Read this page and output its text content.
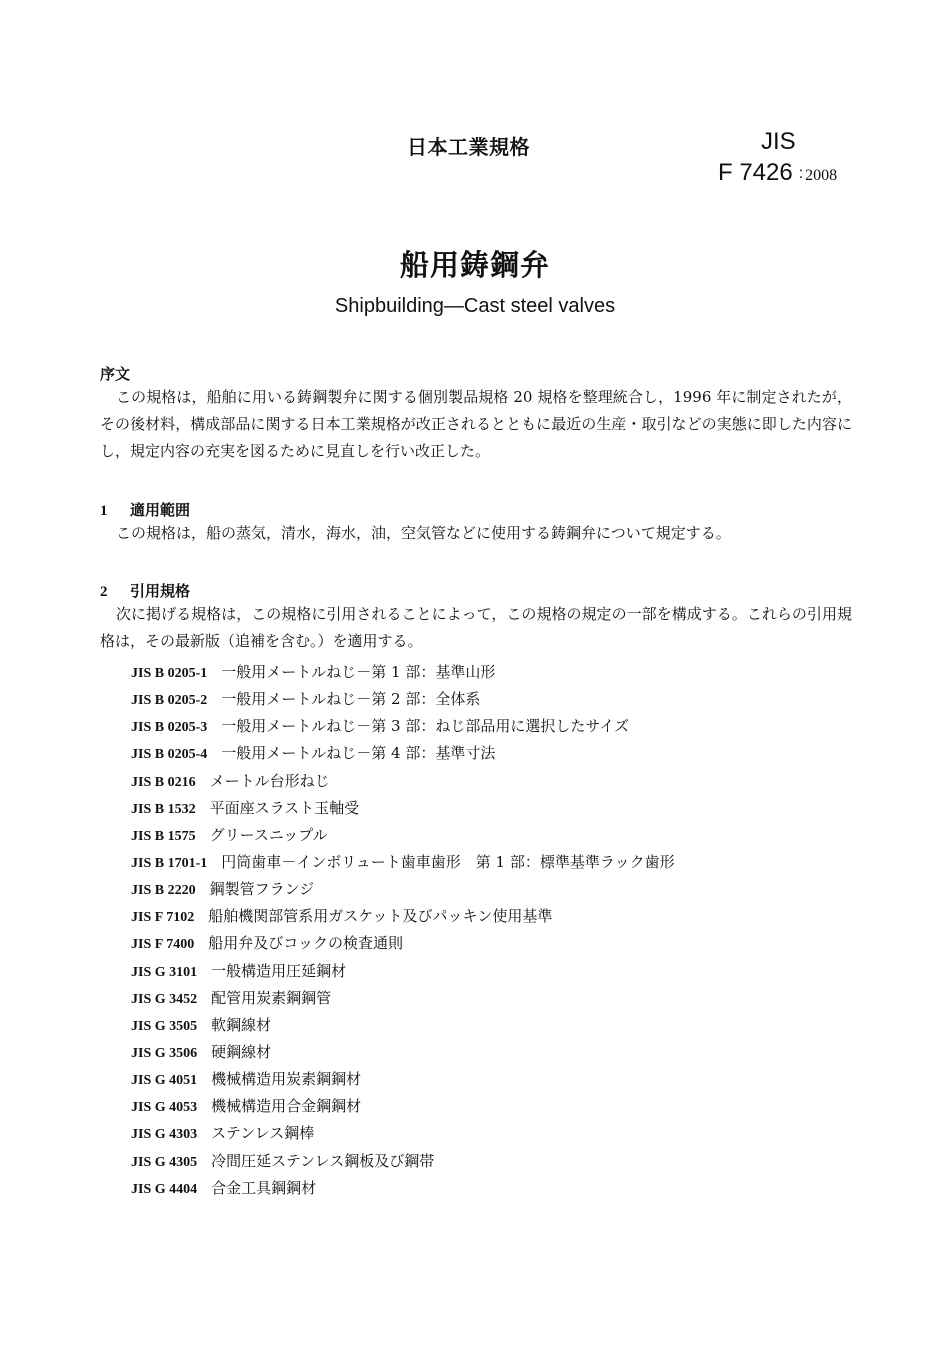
日本工業規格	JIS
F 7426 : 2008
船用鋳鋼弁
Shipbuilding—Cast steel valves
序文
この規格は，船舶に用いる鋳鋼製弁に関する個別製品規格 20 規格を整理統合し，1996 年に制定されたが，その後材料，構成部品に関する日本工業規格が改正されるとともに最近の生産・取引などの実態に即した内容にし，規定内容の充実を図るために見直しを行い改正した。
1 適用範囲
この規格は，船の蒸気，清水，海水，油，空気管などに使用する鋳鋼弁について規定する。
2 引用規格
次に掲げる規格は，この規格に引用されることによって，この規格の規定の一部を構成する。これらの引用規格は，その最新版（追補を含む。）を適用する。
JIS B 0205-1 一般用メートルねじ－第 1 部：基準山形
JIS B 0205-2 一般用メートルねじ－第 2 部：全体系
JIS B 0205-3 一般用メートルねじ－第 3 部：ねじ部品用に選択したサイズ
JIS B 0205-4 一般用メートルねじ－第 4 部：基準寸法
JIS B 0216 メートル台形ねじ
JIS B 1532 平面座スラスト玉軸受
JIS B 1575 グリースニップル
JIS B 1701-1 円筒歯車－インボリュート歯車歯形　第 1 部：標準基準ラック歯形
JIS B 2220 鋼製管フランジ
JIS F 7102 船舶機関部管系用ガスケット及びパッキン使用基準
JIS F 7400 船用弁及びコックの検査通則
JIS G 3101 一般構造用圧延鋼材
JIS G 3452 配管用炭素鋼鋼管
JIS G 3505 軟鋼線材
JIS G 3506 硬鋼線材
JIS G 4051 機械構造用炭素鋼鋼材
JIS G 4053 機械構造用合金鋼鋼材
JIS G 4303 ステンレス鋼棒
JIS G 4305 冷間圧延ステンレス鋼板及び鋼帯
JIS G 4404 合金工具鋼鋼材
